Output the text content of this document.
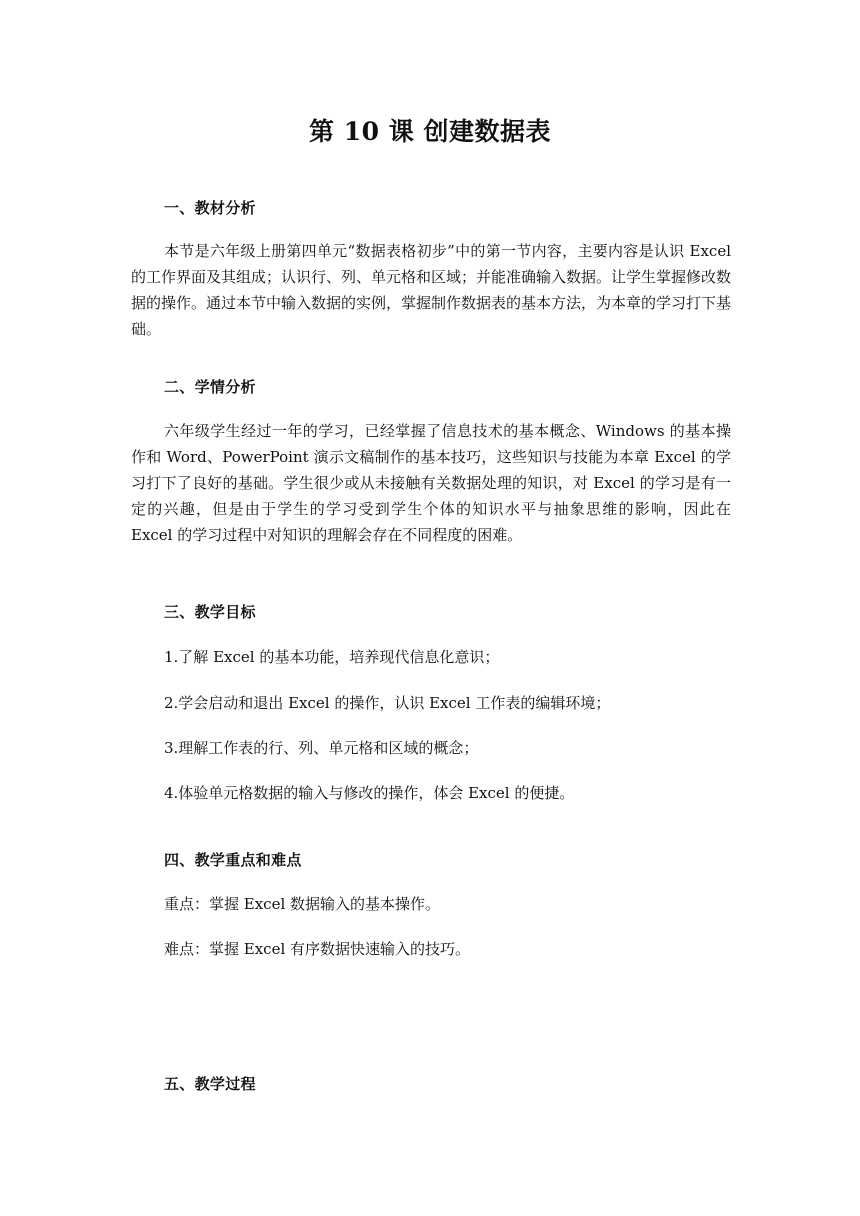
第 10 课 创建数据表
一、教材分析
本节是六年级上册第四单元“数据表格初步”中的第一节内容，主要内容是认识 Excel 的工作界面及其组成；认识行、列、单元格和区域；并能准确输入数据。让学生掌握修改数据的操作。通过本节中输入数据的实例，掌握制作数据表的基本方法，为本章的学习打下基础。
二、学情分析
六年级学生经过一年的学习，已经掌握了信息技术的基本概念、Windows 的基本操作和 Word、PowerPoint 演示文稿制作的基本技巧，这些知识与技能为本章 Excel 的学习打下了良好的基础。学生很少或从未接触有关数据处理的知识，对 Excel 的学习是有一定的兴趣，但是由于学生的学习受到学生个体的知识水平与抽象思维的影响，因此在 Excel 的学习过程中对知识的理解会存在不同程度的困难。
三、教学目标
1.了解 Excel 的基本功能，培养现代信息化意识；
2.学会启动和退出 Excel 的操作，认识 Excel 工作表的编辑环境；
3.理解工作表的行、列、单元格和区域的概念；
4.体验单元格数据的输入与修改的操作，体会 Excel 的便捷。
四、教学重点和难点
重点：掌握 Excel 数据输入的基本操作。
难点：掌握 Excel 有序数据快速输入的技巧。
五、教学过程
